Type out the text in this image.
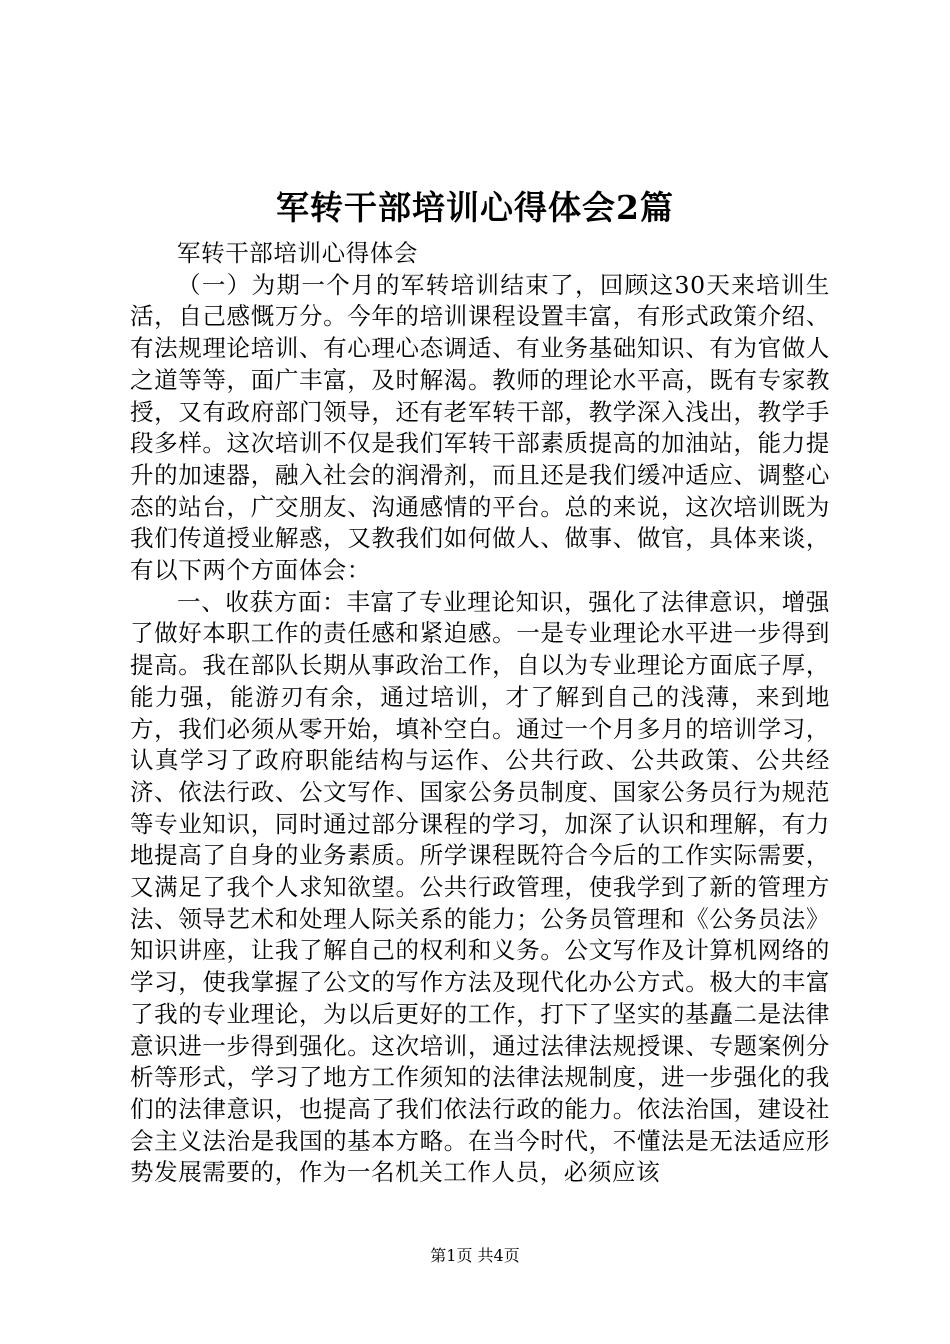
军转干部培训心得体会2篇

军转干部培训心得体会

（一）为期一个月的军转培训结束了，回顾这30天来培训生活，自己感慨万分。今年的培训课程设置丰富，有形式政策介绍、有法规理论培训、有心理心态调适、有业务基础知识、有为官做人之道等等，面广丰富，及时解渴。教师的理论水平高，既有专家教授，又有政府部门领导，还有老军转干部，教学深入浅出，教学手段多样。这次培训不仅是我们军转干部素质提高的加油站，能力提升的加速器，融入社会的润滑剂，而且还是我们缓冲适应、调整心态的站台，广交朋友、沟通感情的平台。总的来说，这次培训既为我们传道授业解惑，又教我们如何做人、做事、做官，具体来谈，有以下两个方面体会：

一、收获方面：丰富了专业理论知识，强化了法律意识，增强了做好本职工作的责任感和紧迫感。一是专业理论水平进一步得到提高。我在部队长期从事政治工作，自以为专业理论方面底子厚，能力强，能游刃有余，通过培训，才了解到自己的浅薄，来到地方，我们必须从零开始，填补空白。通过一个月多月的培训学习，认真学习了政府职能结构与运作、公共行政、公共政策、公共经济、依法行政、公文写作、国家公务员制度、国家公务员行为规范等专业知识，同时通过部分课程的学习，加深了认识和理解，有力地提高了自身的业务素质。所学课程既符合今后的工作实际需要，又满足了我个人求知欲望。公共行政管理，使我学到了新的管理方法、领导艺术和处理人际关系的能力；公务员管理和《公务员法》知识讲座，让我了解自己的权利和义务。公文写作及计算机网络的学习，使我掌握了公文的写作方法及现代化办公方式。极大的丰富了我的专业理论，为以后更好的工作，打下了坚实的基矗二是法律意识进一步得到强化。这次培训，通过法律法规授课、专题案例分析等形式，学习了地方工作须知的法律法规制度，进一步强化的我们的法律意识，也提高了我们依法行政的能力。依法治国，建设社会主义法治是我国的基本方略。在当今时代，不懂法是无法适应形势发展需要的，作为一名机关工作人员，必须应该

第1页 共4页
